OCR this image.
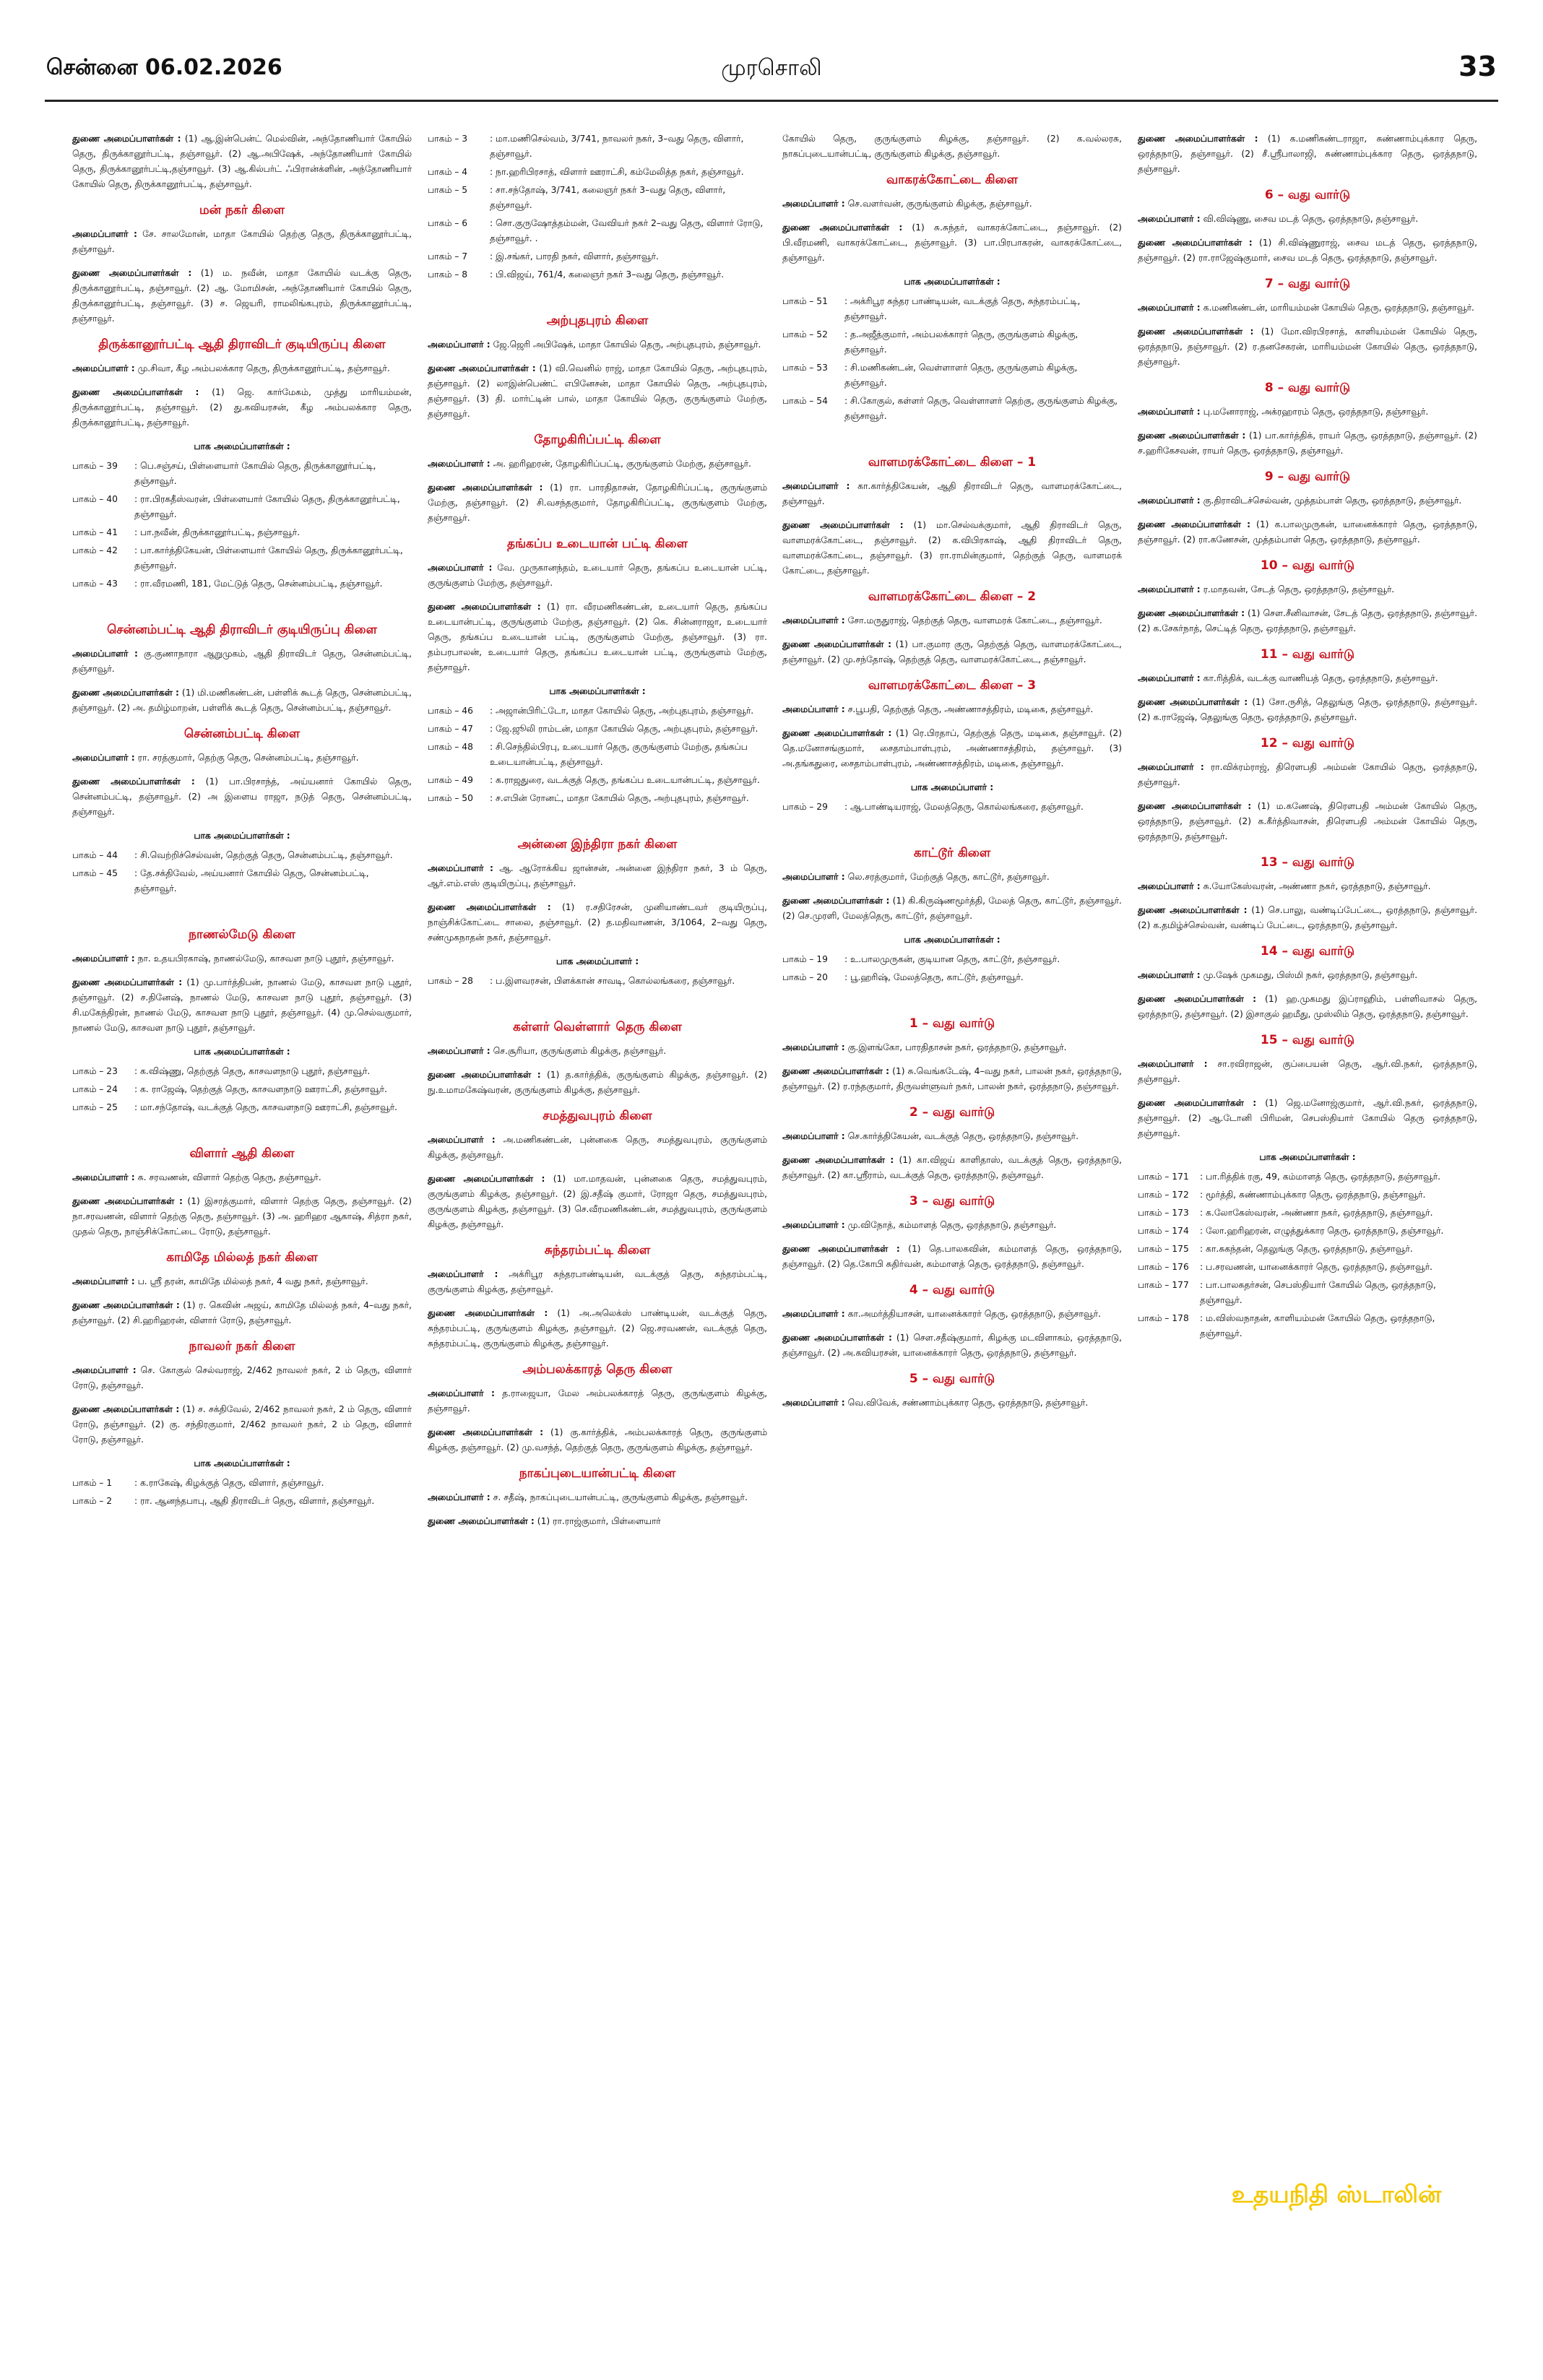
சென்னை 06.02.2026	முரசொலி	33

துணை அமைப்பாளர்கள் : (1) ஆ.இன்பென்ட் மெல்வின், அந்தோணியார் கோயில் தெரு, திருக்கானூர்பட்டி, தஞ்சாவூர். (2) ஆ.அபிஷேக், அந்தோணியார் கோயில் தெரு, திருக்கானூர்பட்டி,தஞ்சாவூர். (3) ஆ.கில்பர்ட் ஃபிரான்க்ளின், அந்தோணியார் கோயில் தெரு, திருக்கானூர்பட்டி, தஞ்சாவூர்.

மன் நகர் கிளை

அமைப்பாளர் : சே. சாலமோன், மாதா கோயில் தெற்கு தெரு, திருக்கானூர்பட்டி, தஞ்சாவூர்.

துணை அமைப்பாளர்கள் : (1) ம. நவீன், மாதா கோயில் வடக்கு தெரு, திருக்கானூர்பட்டி, தஞ்சாவூர். (2) ஆ. மோமிசன், அந்தோணியார் கோயில் தெரு, திருக்கானூர்பட்டி, தஞ்சாவூர். (3) ச. ஜெயரி, ராமலிங்கபுரம், திருக்கானூர்பட்டி, தஞ்சாவூர்.

திருக்கானூர்பட்டி ஆதி திராவிடர் குடியிருப்பு கிளை

அமைப்பாளர் : மு.சிவா, கீழ அம்பலக்கார தெரு, திருக்கானூர்பட்டி, தஞ்சாவூர்.

துணை அமைப்பாளர்கள் : (1) ஜெ. கார்மேகம், முத்து மாரியம்மன், திருக்கானூர்பட்டி, தஞ்சாவூர். (2) து.கவியரசன், கீழ அம்பலக்கார தெரு, திருக்கானூர்பட்டி, தஞ்சாவூர்.

பாக அமைப்பாளர்கள் :
பாகம் – 39	: பெ.சஞ்சய், பிள்ளையார் கோயில் தெரு, திருக்கானூர்பட்டி, தஞ்சாவூர்.
பாகம் – 40	: ரா.பிரகதீஸ்வரன், பிள்ளையார் கோயில் தெரு, திருக்கானூர்பட்டி, தஞ்சாவூர்.
பாகம் – 41	: பா.நவீன், திருக்கானூர்பட்டி, தஞ்சாவூர்.
பாகம் – 42	: பா.கார்த்திகேயன், பிள்ளையார் கோயில் தெரு, திருக்கானூர்பட்டி, தஞ்சாவூர்.
பாகம் – 43	: ரா.வீரமணி, 181, மேட்டுத் தெரு, சென்னம்பட்டி, தஞ்சாவூர்.
சென்னம்பட்டி ஆதி திராவிடர் குடியிருப்பு கிளை

அமைப்பாளர் : கு.குணாநாரா ஆறுமுகம், ஆதி திராவிடர் தெரு, சென்னம்பட்டி, தஞ்சாவூர்.

துணை அமைப்பாளர்கள் : (1) மி.மணிகண்டன், பள்ளிக் கூடத் தெரு, சென்னம்பட்டி, தஞ்சாவூர். (2) அ. தமிழ்மாறன், பள்ளிக் கூடத் தெரு, சென்னம்பட்டி, தஞ்சாவூர்.

சென்னம்பட்டி கிளை

அமைப்பாளர் : ரா. சரத்குமார், தெற்கு தெரு, சென்னம்பட்டி, தஞ்சாவூர்.

துணை அமைப்பாளர்கள் : (1) பா.பிரசாந்த், அய்யனார் கோயில் தெரு, சென்னம்பட்டி, தஞ்சாவூர். (2) அ இளைய ராஜா, நடுத் தெரு, சென்னம்பட்டி, தஞ்சாவூர்.

பாக அமைப்பாளர்கள் :
பாகம் – 44	: சி.வெற்றிச்செல்வன், தெற்குத் தெரு, சென்னம்பட்டி, தஞ்சாவூர்.
பாகம் – 45	: தே.சக்திவேல், அய்யனார் கோயில் தெரு, சென்னம்பட்டி, தஞ்சாவூர்.
நாணல்மேடு கிளை

அமைப்பாளர் : நா. உதயபிரகாஷ், நாணல்மேடு, காசவள நாடு புதூர், தஞ்சாவூர்.

துணை அமைப்பாளர்கள் : (1) மு.பார்த்திபன், நாணல் மேடு, காசவள நாடு புதூர், தஞ்சாவூர். (2) ச.தினேஷ், நாணல் மேடு, காசவள நாடு புதூர், தஞ்சாவூர். (3) சி.மகேந்திரன், நாணல் மேடு, காசவள நாடு புதூர், தஞ்சாவூர். (4) மு.செல்வகுமார், நாணல் மேடு, காசவள நாடு புதூர், தஞ்சாவூர்.

பாக அமைப்பாளர்கள் :
பாகம் – 23	: க.விஷ்ணு, தெற்குத் தெரு, காசவளநாடு புதூர், தஞ்சாவூர்.
பாகம் – 24	: க. ராஜேஷ், தெற்குத் தெரு, காசவளநாடு ஊராட்சி, தஞ்சாவூர்.
பாகம் – 25	: மா.சந்தோஷ், வடக்குத் தெரு, காசவளநாடு ஊராட்சி, தஞ்சாவூர்.
விளார் ஆதி கிளை

அமைப்பாளர் : சு. சரவணன், விளார் தெற்கு தெரு, தஞ்சாவூர்.

துணை அமைப்பாளர்கள் : (1) இசரத்குமார், விளார் தெற்கு தெரு, தஞ்சாவூர். (2) நா.சரவணன், விளார் தெற்கு தெரு, தஞ்சாவூர். (3) அ. ஹரிஹர ஆகாஷ், சித்ரா நகர், முதல் தெரு, நாஞ்சிக்கோட்டை ரோடு, தஞ்சாவூர்.

காமிதே மில்லத் நகர் கிளை

அமைப்பாளர் : ப. ஸ்ரீ தரன், காமிதே மில்லத் நகர், 4 வது நகர், தஞ்சாவூர்.

துணை அமைப்பாளர்கள் : (1) ர. கெவின் அஜய், காமிதே மில்லத் நகர், 4–வது நகர், தஞ்சாவூர். (2) சி.ஹரிஹரன், விளார் ரோடு, தஞ்சாவூர்.

நாவலர் நகர் கிளை

அமைப்பாளர் : செ. கோகுல் செல்வராஜ், 2/462 நாவலர் நகர், 2 ம் தெரு, விளார் ரோடு, தஞ்சாவூர்.

துணை அமைப்பாளர்கள் : (1) ச. சக்திவேல், 2/462 நாவலர் நகர், 2 ம் தெரு, விளார் ரோடு, தஞ்சாவூர். (2) கு. சந்திரகுமார், 2/462 நாவலர் நகர், 2 ம் தெரு, விளார் ரோடு, தஞ்சாவூர்.

பாக அமைப்பாளர்கள் :
பாகம் – 1	: க.ராகேஷ், கிழக்குத் தெரு, விளார், தஞ்சாவூர்.
பாகம் – 2	: ரா. ஆனந்தபாபு, ஆதி திராவிடர் தெரு, விளார், தஞ்சாவூர்.
பாகம் – 3	: மா.மணிசெல்வம், 3/741, நாவலர் நகர், 3–வது தெரு, விளார், தஞ்சாவூர்.
பாகம் – 4	: நா.ஹரிபிரசாத், விளார் ஊராட்சி, கம்மேலித்த நகர், தஞ்சாவூர்.
பாகம் – 5	: சா.சந்தோஷ், 3/741, கலைஞர் நகர் 3–வது தெரு, விளார், தஞ்சாவூர்.
பாகம் – 6	: சொ.குருஷோத்தம்மன், வேவியர் நகர் 2–வது தெரு, விளார் ரோடு, தஞ்சாவூர். .
பாகம் – 7	: இ.சங்கர், பாரதி நகர், விளார், தஞ்சாவூர்.
பாகம் – 8	: பி.விஜய், 761/4, கலைஞர் நகர் 3–வது தெரு, தஞ்சாவூர்.
அற்புதபுரம் கிளை

அமைப்பாளர் : ஜே.ஜெரி அபிஷேக், மாதா கோயில் தெரு, அற்புதபுரம், தஞ்சாவூர்.

துணை அமைப்பாளர்கள் : (1) வி.வெனில் ராஜ், மாதா கோயில் தெரு, அற்புதபுரம், தஞ்சாவூர். (2) லாஇன்பெண்ட் எபினேசன், மாதா கோயில் தெரு, அற்புதபுரம், தஞ்சாவூர். (3) தி. மார்ட்டின் பால், மாதா கோயில் தெரு, குருங்குளம் மேற்கு, தஞ்சாவூர்.

தோழகிரிப்பட்டி கிளை

அமைப்பாளர் : அ. ஹரிஹரன், தோழகிரிப்பட்டி, குருங்குளம் மேற்கு, தஞ்சாவூர்.

துணை அமைப்பாளர்கள் : (1) ரா. பாரதிதாசன், தோழகிரிப்பட்டி, குருங்குளம் மேற்கு, தஞ்சாவூர். (2) சி.வசந்தகுமார், தோழகிரிப்பட்டி, குருங்குளம் மேற்கு, தஞ்சாவூர்.

தங்கப்ப உடையான் பட்டி கிளை

அமைப்பாளர் : வே. முருகானந்தம், உடையார் தெரு, தங்கப்ப உடையான் பட்டி, குருங்குளம் மேற்கு, தஞ்சாவூர்.

துணை அமைப்பாளர்கள் : (1) ரா. வீரமணிகண்டன், உடையார் தெரு, தங்கப்ப உடையான்பட்டி, குருங்குளம் மேற்கு, தஞ்சாவூர். (2) கெ. சின்னராஜா, உடையார் தெரு, தங்கப்ப உடையான் பட்டி, குருங்குளம் மேற்கு, தஞ்சாவூர். (3) ரா. தம்பரபாலன், உடையார் தெரு, தங்கப்ப உடையான் பட்டி, குருங்குளம் மேற்கு, தஞ்சாவூர்.

பாக அமைப்பாளர்கள் :
பாகம் – 46	: அஜான்பிரிட்டோ, மாதா கோயில் தெரு, அற்புதபுரம், தஞ்சாவூர்.
பாகம் – 47	: ஜே.ஜூலி ராம்டன், மாதா கோயில் தெரு, அற்புதபுரம், தஞ்சாவூர்.
பாகம் – 48	: சி.செந்தில்பிரபு, உடையார் தெரு, குருங்குளம் மேற்கு, தங்கப்ப உடையான்பட்டி, தஞ்சாவூர்.
பாகம் – 49	: க.ராஜதுரை, வடக்குத் தெரு, தங்கப்ப உடையான்பட்டி, தஞ்சாவூர்.
பாகம் – 50	: ச.எபின் ரோனட், மாதா கோயில் தெரு, அற்புதபுரம், தஞ்சாவூர்.
அன்னை இந்திரா நகர் கிளை

அமைப்பாளர் : ஆ. ஆரோக்கிய ஜான்சன், அன்னை இந்திரா நகர், 3 ம் தெரு, ஆர்.எம்.எஸ் குடியிருப்பு, தஞ்சாவூர்.

துணை அமைப்பாளர்கள் : (1) ர.சதிரேசன், முனியாண்டவர் குடியிருப்பு, நாஞ்சிக்கோட்டை சாலை, தஞ்சாவூர். (2) த.மதிவாணன், 3/1064, 2–வது தெரு, சண்முகநாதன் நகர், தஞ்சாவூர்.

பாக அமைப்பாளர் :
பாகம் – 28	: ப.இளவரசன், பிளக்கான் சாவடி, கொல்லங்கரை, தஞ்சாவூர்.
கள்ளர் வெள்ளாா் தெரு கிளை

அமைப்பாளர் : செ.சூரியா, குருங்குளம் கிழக்கு, தஞ்சாவூர்.

துணை அமைப்பாளர்கள் : (1) த.கார்த்திக், குருங்குளம் கிழக்கு, தஞ்சாவூர். (2) நு.உமாமகேஷ்வரன், குருங்குளம் கிழக்கு, தஞ்சாவூர்.

சமத்துவபுரம் கிளை

அமைப்பாளர் : அ.மணிகண்டன், புன்னகை தெரு, சமத்துவபுரம், குருங்குளம் கிழக்கு, தஞ்சாவூர்.

துணை அமைப்பாளர்கள் : (1) மா.மாதவன், புன்னகை தெரு, சமத்துவபுரம், குருங்குளம் கிழக்கு, தஞ்சாவூர். (2) இ.சதீஷ் குமார், ரோஜா தெரு, சமத்துவபுரம், குருங்குளம் கிழக்கு, தஞ்சாவூர். (3) செ.வீரமணிகண்டன், சமத்துவபுரம், குருங்குளம் கிழக்கு, தஞ்சாவூர்.

சுந்தரம்பட்டி கிளை

அமைப்பாளர் : அக்ரிபூர சுந்தரபாண்டியன், வடக்குத் தெரு, சுந்தரம்பட்டி, குருங்குளம் கிழக்கு, தஞ்சாவூர்.

துணை அமைப்பாளர்கள் : (1) அ.அலெக்ஸ் பாண்டியன், வடக்குத் தெரு, சுந்தரம்பட்டி, குருங்குளம் கிழக்கு, தஞ்சாவூர். (2) ஜெ.சரவணன், வடக்குத் தெரு, சுந்தரம்பட்டி, குருங்குளம் கிழக்கு, தஞ்சாவூர்.

அம்பலக்காரத் தெரு கிளை

அமைப்பாளர் : த.ராஜையா, மேல அம்பலக்காரத் தெரு, குருங்குளம் கிழக்கு, தஞ்சாவூர்.

துணை அமைப்பாளர்கள் : (1) கு.கார்த்திக், அம்பலக்காரத் தெரு, குருங்குளம் கிழக்கு, தஞ்சாவூர். (2) மு.வசந்த், தெற்குத் தெரு, குருங்குளம் கிழக்கு, தஞ்சாவூர்.

நாகப்புடையான்பட்டி கிளை

அமைப்பாளர் : ச. சதீஷ், நாகப்புடையான்பட்டி, குருங்குளம் கிழக்கு, தஞ்சாவூர்.

துணை அமைப்பாளர்கள் : (1) ரா.ராஜ்குமார், பிள்ளையார்

கோயில் தெரு, குருங்குளம் கிழக்கு, தஞ்சாவூர். (2) க.வல்லரசு, நாகப்புடையான்பட்டி, குருங்குளம் கிழக்கு, தஞ்சாவூர்.

வாகரக்கோட்டை கிளை

அமைப்பாளர் : செ.வளர்வன், குருங்குளம் கிழக்கு, தஞ்சாவூர்.

துணை அமைப்பாளர்கள் : (1) சு.சுந்தர், வாகரக்கோட்டை, தஞ்சாவூர். (2) பி.வீரமணி, வாகரக்கோட்டை, தஞ்சாவூர். (3) பா.பிரபாகரன், வாகரக்கோட்டை, தஞ்சாவூர்.

பாக அமைப்பாளர்கள் :
பாகம் – 51	: அக்ரிபூர சுந்தர பாண்டியன், வடக்குத் தெரு, சுந்தரம்பட்டி, தஞ்சாவூர்.
பாகம் – 52	: த.அஜீத்குமார், அம்பலக்காரர் தெரு, குருங்குளம் கிழக்கு, தஞ்சாவூர்.
பாகம் – 53	: சி.மணிகண்டன், வெள்ளாளர் தெரு, குருங்குளம் கிழக்கு, தஞ்சாவூர்.
பாகம் – 54	: சி.கோகுல், கள்ளர் தெரு, வெள்ளாளர் தெற்கு, குருங்குளம் கிழக்கு, தஞ்சாவூர்.
வாளமரக்கோட்டை கிளை – 1

அமைப்பாளர் : கா.கார்த்திகேயன், ஆதி திராவிடர் தெரு, வாளமரக்கோட்டை, தஞ்சாவூர்.

துணை அமைப்பாளர்கள் : (1) மா.செல்வக்குமார், ஆதி திராவிடர் தெரு, வாளமரக்கோட்டை, தஞ்சாவூர். (2) க.விபிரகாஷ், ஆதி திராவிடர் தெரு, வாளமரக்கோட்டை, தஞ்சாவூர். (3) ரா.ராமின்குமார், தெற்குத் தெரு, வாளமரக் கோட்டை, தஞ்சாவூர்.

வாளமரக்கோட்டை கிளை – 2

அமைப்பாளர் : சோ.மருதுராஜ், தெற்குத் தெரு, வாளமரக் கோட்டை, தஞ்சாவூர்.

துணை அமைப்பாளர்கள் : (1) பா.குமார குரு, தெற்குத் தெரு, வாளமரக்கோட்டை, தஞ்சாவூர். (2) மு.சந்தோஷ், தெற்குத் தெரு, வாளமரக்கோட்டை, தஞ்சாவூர்.

வாளமரக்கோட்டை கிளை – 3

அமைப்பாளர் : ச.பூபதி, தெற்குத் தெரு, அண்ணாசத்திரம், மடிகை, தஞ்சாவூர்.

துணை அமைப்பாளர்கள் : (1) ரெ.பிரதாப், தெற்குத் தெரு, மடிகை, தஞ்சாவூர். (2) தெ.மனோசங்குமார், சைதாம்பாள்புரம், அண்ணாசத்திரம், தஞ்சாவூர். (3) அ.தங்கதுரை, சைதாம்பாள்புரம், அண்ணாசத்திரம், மடிகை, தஞ்சாவூர்.

பாக அமைப்பாளர் :
பாகம் – 29	: ஆ.பாண்டியராஜ், மேலத்தெரு, கொல்லங்கரை, தஞ்சாவூர்.
காட்டூர் கிளை

அமைப்பாளர் : லெ.சரத்குமார், மேற்குத் தெரு, காட்டூர், தஞ்சாவூர்.

துணை அமைப்பாளர்கள் : (1) கி.கிருஷ்ணமூர்த்தி, மேலத் தெரு, காட்டூர், தஞ்சாவூர். (2) செ.முரளி, மேலத்தெரு, காட்டூர், தஞ்சாவூர்.

பாக அமைப்பாளர்கள் :
பாகம் – 19	: உ.பாலமுருகன், குடியான தெரு, காட்டூர், தஞ்சாவூர்.
பாகம் – 20	: பூ.ஹரிஷ், மேலத்தெரு, காட்டூர், தஞ்சாவூர்.
1 – வது வார்டு

அமைப்பாளர் : கு.இளங்கோ, பாரதிதாசன் நகர், ஒரத்தநாடு, தஞ்சாவூர்.

துணை அமைப்பாளர்கள் : (1) சு.வெங்கடேஷ், 4–வது நகர், பாலன் நகர், ஒரத்தநாடு, தஞ்சாவூர். (2) ர.ரந்தகுமார், திருவள்ளுவர் நகர், பாலன் நகர், ஒரத்தநாடு, தஞ்சாவூர்.

2 – வது வார்டு

அமைப்பாளர் : செ.கார்த்திகேயன், வடக்குத் தெரு, ஒரத்தநாடு, தஞ்சாவூர்.

துணை அமைப்பாளர்கள் : (1) கா.விஜய் காளிதாஸ், வடக்குத் தெரு, ஒரத்தநாடு, தஞ்சாவூர். (2) கா.ஸ்ரீராம், வடக்குத் தெரு, ஒரத்தநாடு, தஞ்சாவூர்.

3 – வது வார்டு

அமைப்பாளர் : மு.விநோத், கம்மாளத் தெரு, ஒரத்தநாடு, தஞ்சாவூர்.

துணை அமைப்பாளர்கள் : (1) தெ.பாலகவின், கம்மாளத் தெரு, ஒரத்தநாடு, தஞ்சாவூர். (2) தெ.கோபி சுதிர்வன், கம்மாளத் தெரு, ஒரத்தநாடு, தஞ்சாவூர்.

4 – வது வார்டு

அமைப்பாளர் : கா.அமர்த்தியாசன், யானைக்காரர் தெரு, ஒரத்தநாடு, தஞ்சாவூர்.

துணை அமைப்பாளர்கள் : (1) செள.சதீஷ்குமார், கிழக்கு மடவிளாகம், ஒரத்தநாடு, தஞ்சாவூர். (2) அ.கவியரசன், யானைக்காரர் தெரு, ஒரத்தநாடு, தஞ்சாவூர்.

5 – வது வார்டு

அமைப்பாளர் : வெ.விவேக், சண்ணாம்புக்கார தெரு, ஒரத்தநாடு, தஞ்சாவூர்.

துணை அமைப்பாளர்கள் : (1) க.மணிகண்டராஜா, சுண்ணாம்புக்கார தெரு, ஒரத்தநாடு, தஞ்சாவூர். (2) சீ.ஸ்ரீபாலாஜி, சுண்ணாம்புக்கார தெரு, ஒரத்தநாடு, தஞ்சாவூர்.

6 – வது வார்டு

அமைப்பாளர் : வி.விஷ்ணு, சைவ மடத் தெரு, ஒரத்தநாடு, தஞ்சாவூர்.

துணை அமைப்பாளர்கள் : (1) சி.விஷ்ணுராஜ், சைவ மடத் தெரு, ஒரத்தநாடு, தஞ்சாவூர். (2) ரா.ராஜேஷ்குமார், சைவ மடத் தெரு, ஒரத்தநாடு, தஞ்சாவூர்.

7 – வது வார்டு

அமைப்பாளர் : க.மணிகண்டன், மாரியம்மன் கோயில் தெரு, ஒரத்தநாடு, தஞ்சாவூர்.

துணை அமைப்பாளர்கள் : (1) மோ.விரபிரசாத், காளியம்மன் கோயில் தெரு, ஒரத்தநாடு, தஞ்சாவூர். (2) ர.தனசேகரன், மாரியம்மன் கோயில் தெரு, ஒரத்தநாடு, தஞ்சாவூர்.

8 – வது வார்டு

அமைப்பாளர் : பு.மனோராஜ், அக்ரஹாரம் தெரு, ஒரத்தநாடு, தஞ்சாவூர்.

துணை அமைப்பாளர்கள் : (1) பா.கார்த்திக், ராயர் தெரு, ஒரத்தநாடு, தஞ்சாவூர். (2) ச.ஹரிகேசவன், ராயர் தெரு, ஒரத்தநாடு, தஞ்சாவூர்.

9 – வது வார்டு

அமைப்பாளர் : கு.திராவிடச்செல்வன், முத்தம்பாள் தெரு, ஒரத்தநாடு, தஞ்சாவூர்.

துணை அமைப்பாளர்கள் : (1) க.பாலமுருகன், யானைக்காரர் தெரு, ஒரத்தநாடு, தஞ்சாவூர். (2) ரா.கணேசன், முத்தம்பாள் தெரு, ஒரத்தநாடு, தஞ்சாவூர்.

10 – வது வார்டு

அமைப்பாளர் : ர.மாதவன், சேடத் தெரு, ஒரத்தநாடு, தஞ்சாவூர்.

துணை அமைப்பாளர்கள் : (1) செள.சீனிவாசன், சேடத் தெரு, ஒரத்தநாடு, தஞ்சாவூர். (2) க.சேகர்நாத், செட்டித் தெரு, ஒரத்தநாடு, தஞ்சாவூர்.

11 – வது வார்டு

அமைப்பாளர் : கா.ரித்திக், வடக்கு வாணியத் தெரு, ஒரத்தநாடு, தஞ்சாவூர்.

துணை அமைப்பாளர்கள் : (1) சோ.ருசித், தெலுங்கு தெரு, ஒரத்தநாடு, தஞ்சாவூர். (2) க.ராஜேஷ், தெலுங்கு தெரு, ஒரத்தநாடு, தஞ்சாவூர்.

12 – வது வார்டு

அமைப்பாளர் : ரா.விக்ரம்ராஜ், திரௌபதி அம்மன் கோயில் தெரு, ஒரத்தநாடு, தஞ்சாவூர்.

துணை அமைப்பாளர்கள் : (1) ம.கணேஷ், திரௌபதி அம்மன் கோயில் தெரு, ஒரத்தநாடு, தஞ்சாவூர். (2) க.கீர்த்திவாசன், திரௌபதி அம்மன் கோயில் தெரு, ஒரத்தநாடு, தஞ்சாவூர்.

13 – வது வார்டு

அமைப்பாளர் : சு.யோகேஸ்வரன், அண்ணா நகர், ஒரத்தநாடு, தஞ்சாவூர்.

துணை அமைப்பாளர்கள் : (1) செ.பாலு, வண்டிப்பேட்டை, ஒரத்தநாடு, தஞ்சாவூர். (2) க.தமிழ்ச்செல்வன், வண்டிப் பேட்டை, ஒரத்தநாடு, தஞ்சாவூர்.

14 – வது வார்டு

அமைப்பாளர் : மு.ஷேக் முகமது, பிஸ்மி நகர், ஒரத்தநாடு, தஞ்சாவூர்.

துணை அமைப்பாளர்கள் : (1) ஹ.முகமது இப்ராஹிம், பள்ளிவாசல் தெரு, ஒரத்தநாடு, தஞ்சாவூர். (2) இசாகுல் ஹமீது, முஸ்லிம் தெரு, ஒரத்தநாடு, தஞ்சாவூர்.

15 – வது வார்டு

அமைப்பாளர் : சா.ரவிராஜன், குப்பையன் தெரு, ஆர்.வி.நகர், ஒரத்தநாடு, தஞ்சாவூர்.

துணை அமைப்பாளர்கள் : (1) ஜெ.மனோஜ்குமார், ஆர்.வி.நகர், ஒரத்தநாடு, தஞ்சாவூர். (2) ஆ.டோனி பிரிமன், செபஸ்தியார் கோயில் தெரு ஒரத்தநாடு, தஞ்சாவூர்.

பாக அமைப்பாளர்கள் :
பாகம் – 171	: பா.ரித்திக் ரகு, 49, கம்மாளத் தெரு, ஒரத்தநாடு, தஞ்சாவூர்.
பாகம் – 172	: மூர்த்தி, சுண்ணாம்புக்கார தெரு, ஒரத்தநாடு, தஞ்சாவூர்.
பாகம் – 173	: க.லோகேஸ்வரன், அண்ணா நகர், ஒரத்தநாடு, தஞ்சாவூர்.
பாகம் – 174	: லோ.ஹரிஹரன், எழுத்துக்கார தெரு, ஒரத்தநாடு, தஞ்சாவூர்.
பாகம் – 175	: கா.சுகந்தன், தெலுங்கு தெரு, ஒரத்தநாடு, தஞ்சாவூர்.
பாகம் – 176	: ப.சரவணன், யானைக்காரர் தெரு, ஒரத்தநாடு, தஞ்சாவூர்.
பாகம் – 177	: பா.பாலசுதர்சன், செபஸ்தியார் கோயில் தெரு, ஒரத்தநாடு, தஞ்சாவூர்.
பாகம் – 178	: ம.விஸ்வநாதன், காளியம்மன் கோயில் தெரு, ஒரத்தநாடு, தஞ்சாவூர்.
உதயநிதி ஸ்டாலின்
